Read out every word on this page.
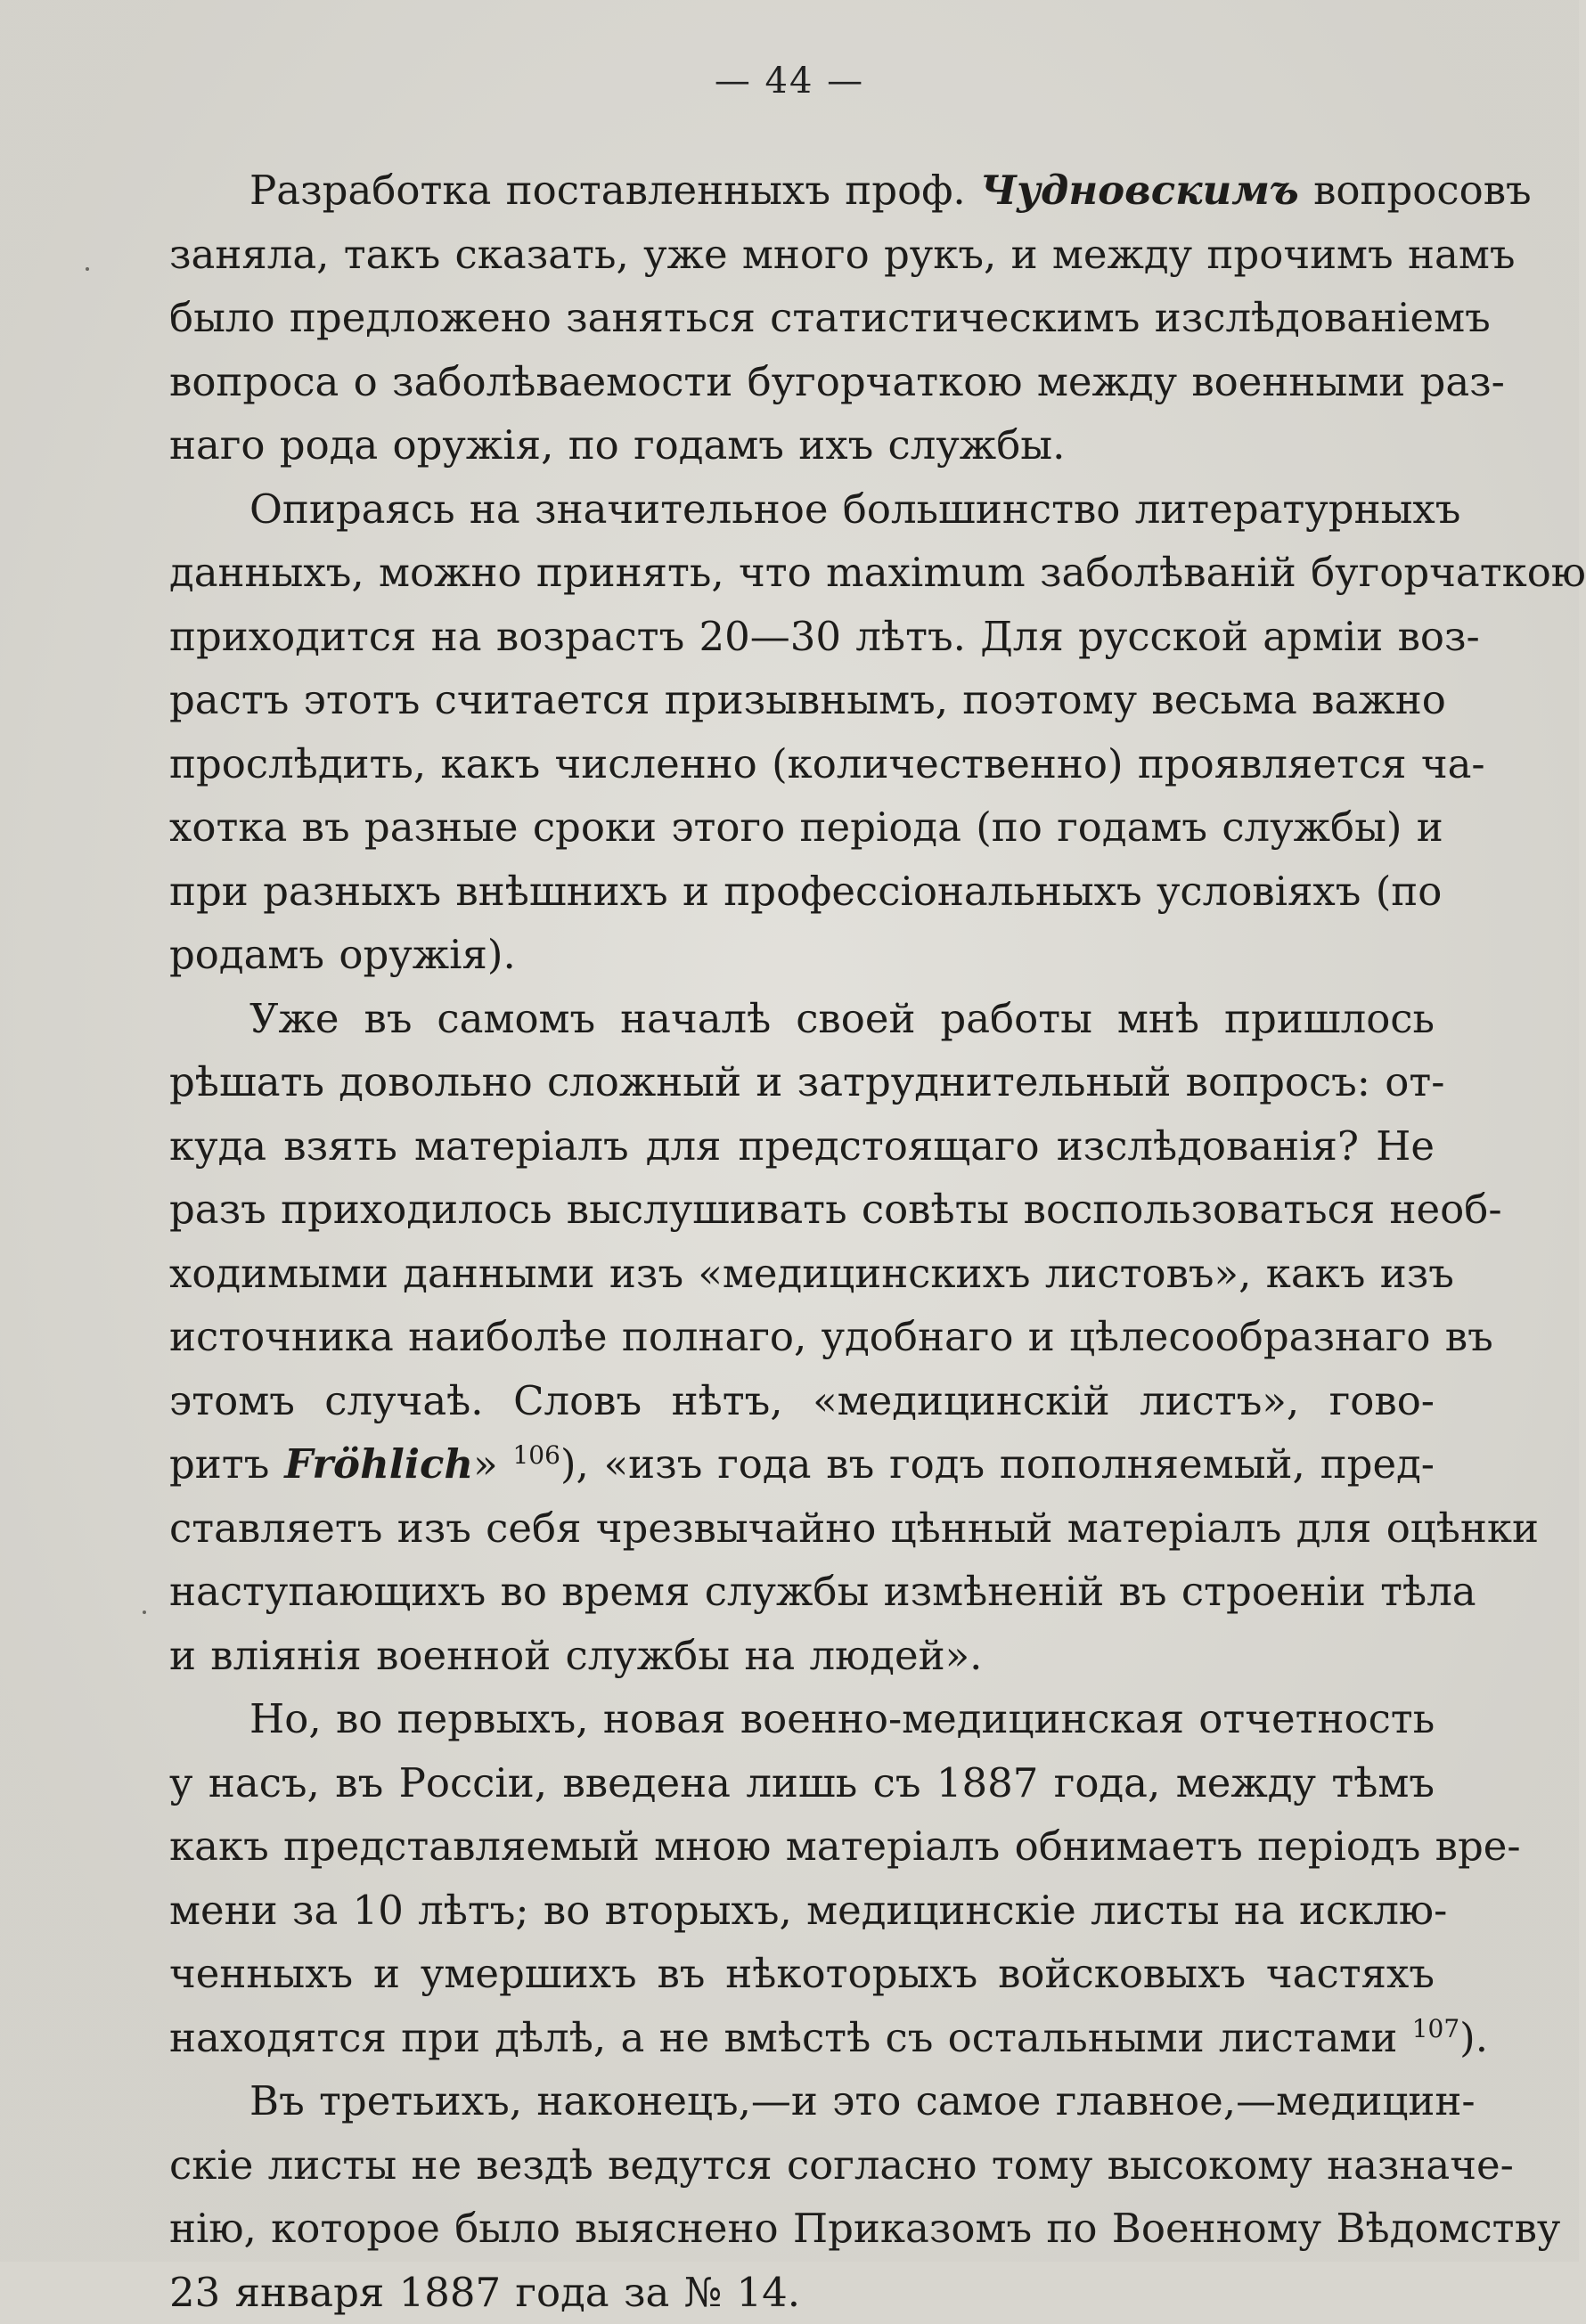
— 44 —
Разработка поставленныхъ проф. Чудновскимъ вопросовъ
заняла, такъ сказать, уже много рукъ, и между прочимъ намъ
было предложено заняться статистическимъ изслѣдованіемъ
вопроса о заболѣваемости бугорчаткою между военными раз-
наго рода оружія, по годамъ ихъ службы.
Опираясь на значительное большинство литературныхъ
данныхъ, можно принять, что maximum заболѣваній бугорчаткою
приходится на возрастъ 20—30 лѣтъ. Для русской арміи воз-
растъ этотъ считается призывнымъ, поэтому весьма важно
прослѣдить, какъ численно (количественно) проявляется ча-
хотка въ разные сроки этого періода (по годамъ службы) и
при разныхъ внѣшнихъ и профессіональныхъ условіяхъ (по
родамъ оружія).
Уже въ самомъ началѣ своей работы мнѣ пришлось
рѣшать довольно сложный и затруднительный вопросъ: от-
куда взять матеріалъ для предстоящаго изслѣдованія? Не
разъ приходилось выслушивать совѣты воспользоваться необ-
ходимыми данными изъ «медицинскихъ листовъ», какъ изъ
источника наиболѣе полнаго, удобнаго и цѣлесообразнаго въ
этомъ случаѣ. Словъ нѣтъ, «медицинскій листъ», гово-
ритъ Fröhlich» $^{106}$), «изъ года въ годъ пополняемый, пред-
ставляетъ изъ себя чрезвычайно цѣнный матеріалъ для оцѣнки
наступающихъ во время службы измѣненій въ строеніи тѣла
и вліянія военной службы на людей».
Но, во первыхъ, новая военно-медицинская отчетность
у насъ, въ Россіи, введена лишь съ 1887 года, между тѣмъ
какъ представляемый мною матеріалъ обнимаетъ періодъ вре-
мени за 10 лѣтъ; во вторыхъ, медицинскіе листы на исклю-
ченныхъ и умершихъ въ нѣкоторыхъ войсковыхъ частяхъ
находятся при дѣлѣ, а не вмѣстѣ съ остальными листами $^{107}$).
Въ третьихъ, наконецъ,—и это самое главное,—медицин-
скіе листы не вездѣ ведутся согласно тому высокому назначе-
нію, которое было выяснено Приказомъ по Военному Вѣдомству
23 января 1887 года за № 14.
